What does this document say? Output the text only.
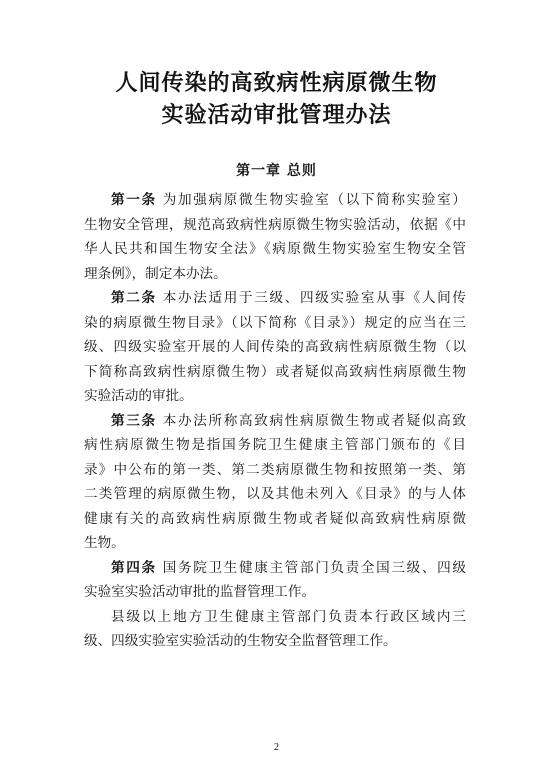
人间传染的高致病性病原微生物
实验活动审批管理办法
第一章 总则
第一条 为加强病原微生物实验室（以下简称实验室）
生物安全管理，规范高致病性病原微生物实验活动，依据《中
华人民共和国生物安全法》《病原微生物实验室生物安全管
理条例》，制定本办法。
第二条 本办法适用于三级、四级实验室从事《人间传
染的病原微生物目录》（以下简称《目录》）规定的应当在三
级、四级实验室开展的人间传染的高致病性病原微生物（以
下简称高致病性病原微生物）或者疑似高致病性病原微生物
实验活动的审批。
第三条 本办法所称高致病性病原微生物或者疑似高致
病性病原微生物是指国务院卫生健康主管部门颁布的《目
录》中公布的第一类、第二类病原微生物和按照第一类、第
二类管理的病原微生物，以及其他未列入《目录》的与人体
健康有关的高致病性病原微生物或者疑似高致病性病原微
生物。
第四条 国务院卫生健康主管部门负责全国三级、四级
实验室实验活动审批的监督管理工作。
县级以上地方卫生健康主管部门负责本行政区域内三
级、四级实验室实验活动的生物安全监督管理工作。
2
